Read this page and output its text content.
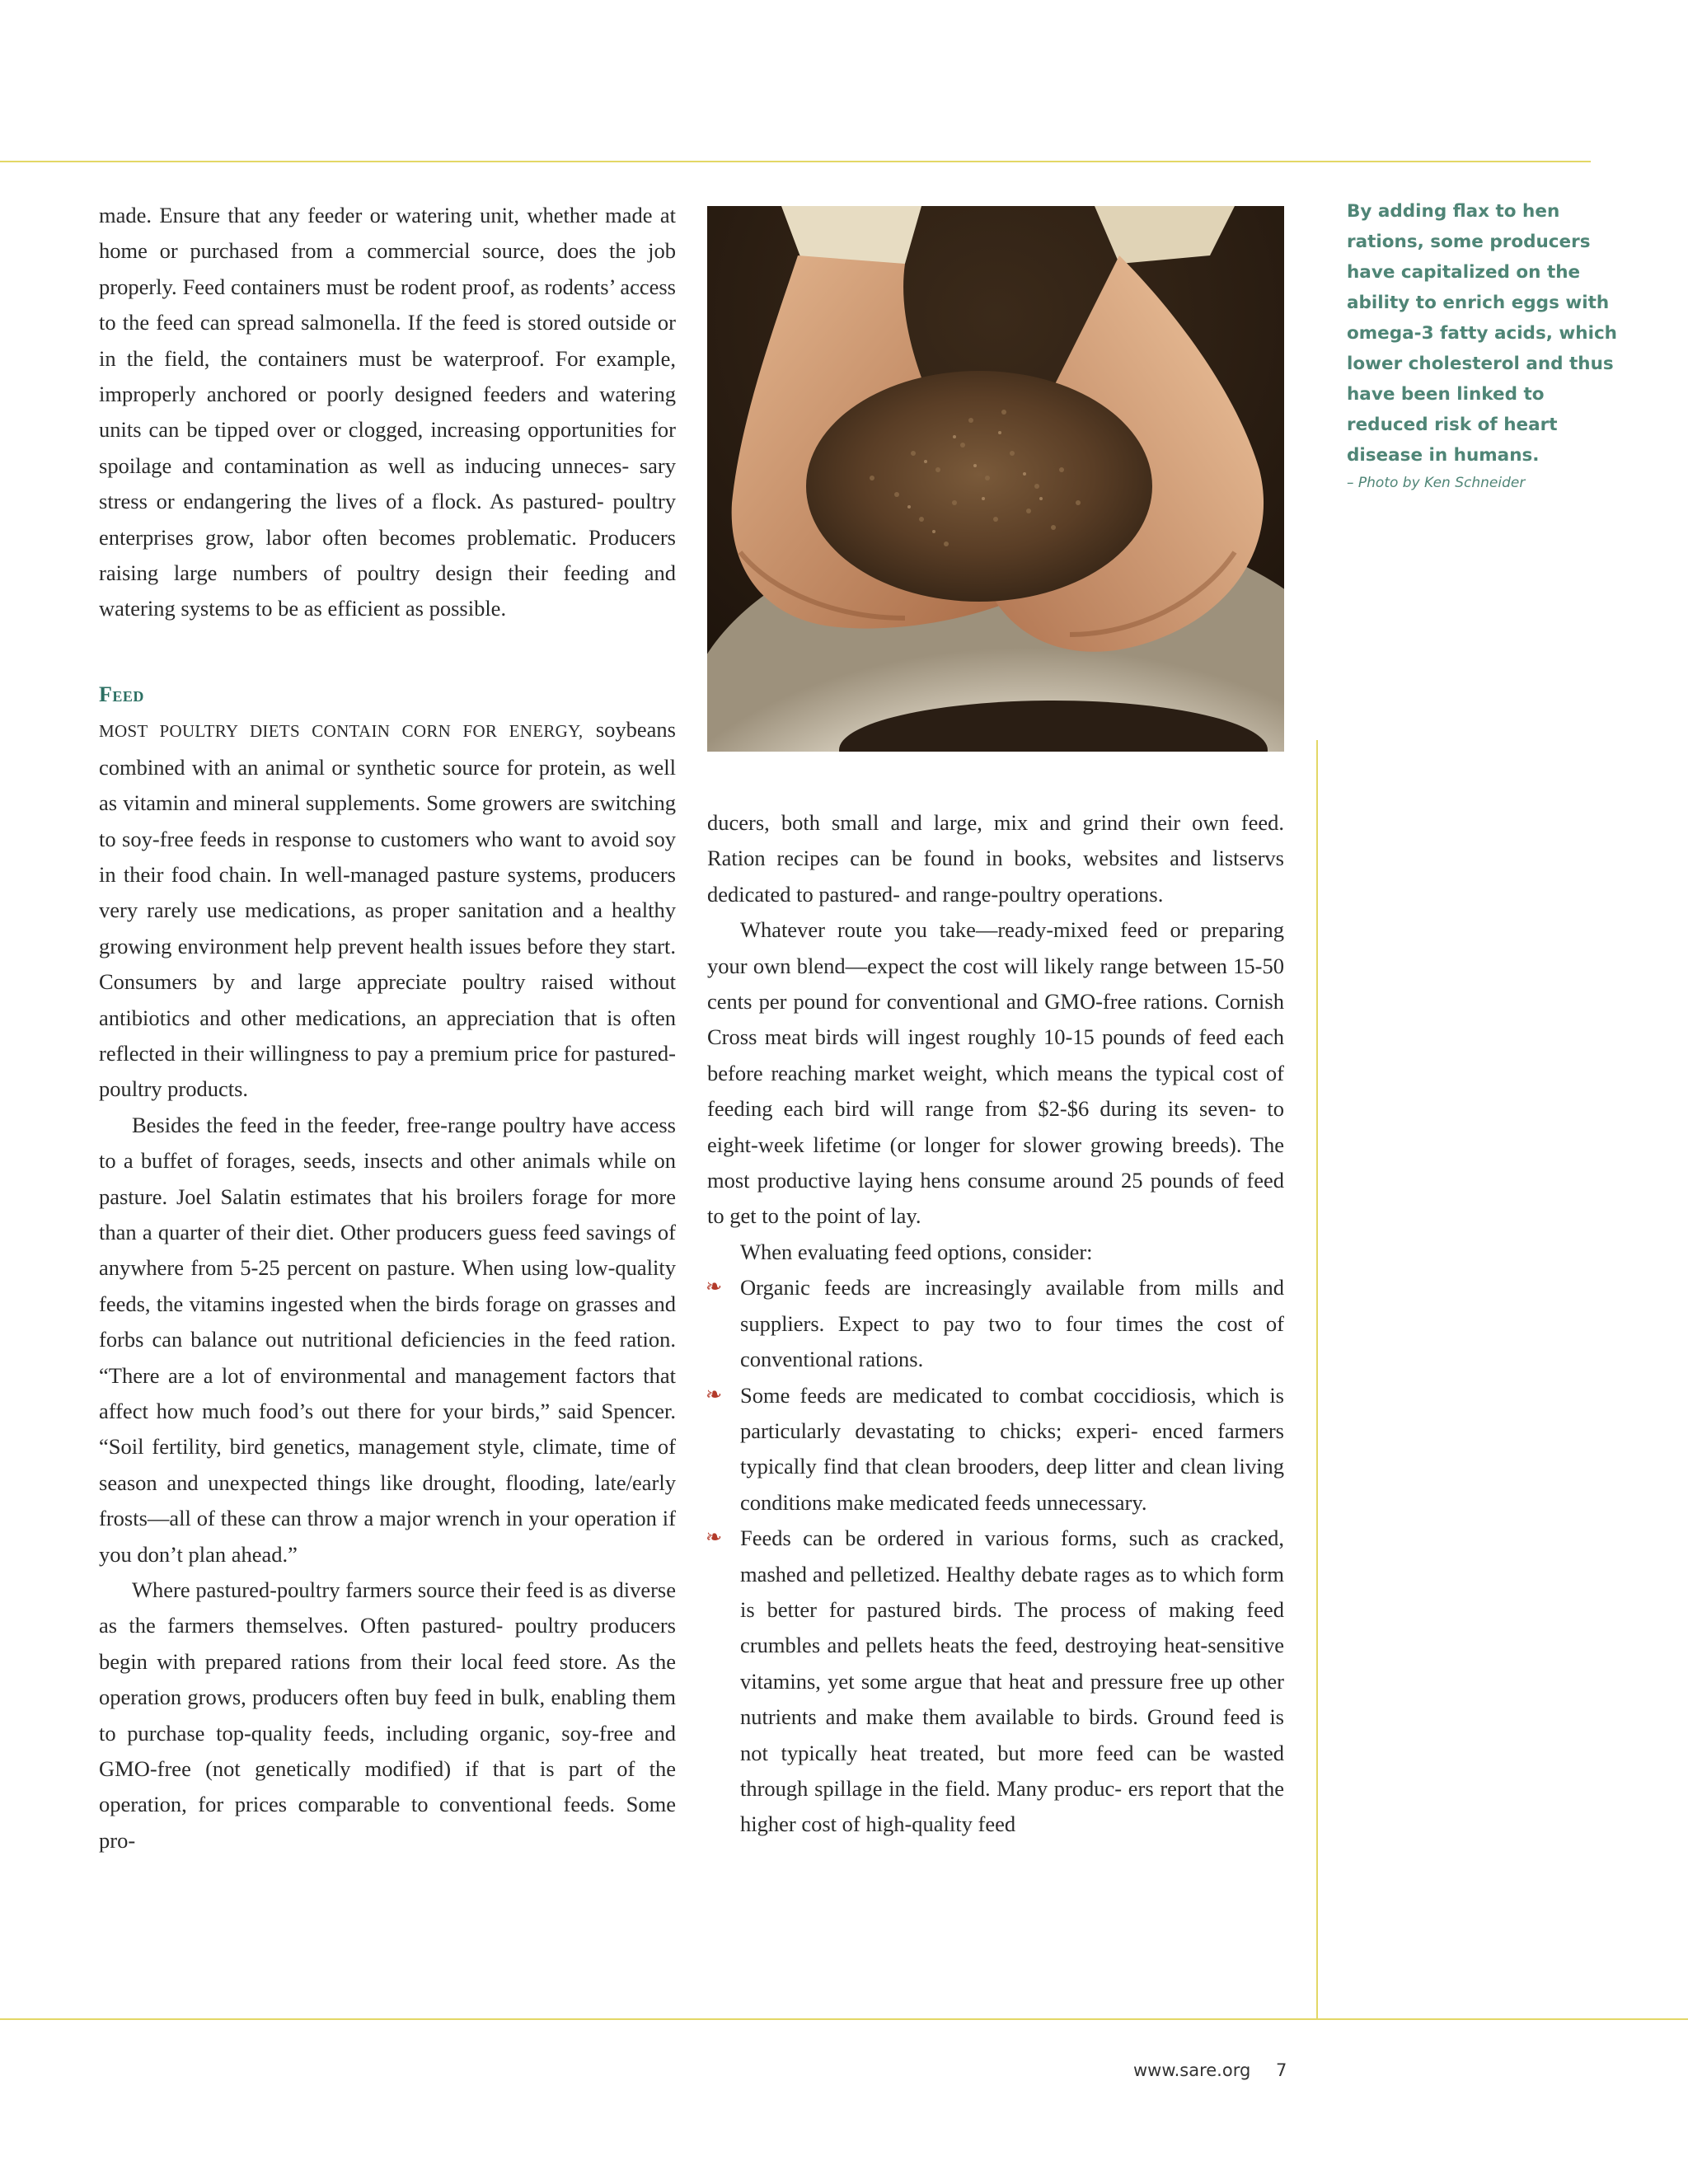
made. Ensure that any feeder or watering unit, whether made at home or purchased from a commercial source, does the job properly. Feed containers must be rodent proof, as rodents’ access to the feed can spread salmonella. If the feed is stored outside or in the field, the containers must be waterproof. For example, improperly anchored or poorly designed feeders and watering units can be tipped over or clogged, increasing opportunities for spoilage and contamination as well as inducing unneces- sary stress or endangering the lives of a flock. As pastured- poultry enterprises grow, labor often becomes problematic. Producers raising large numbers of poultry design their feeding and watering systems to be as efficient as possible.

Feed

MOST POULTRY DIETS CONTAIN CORN FOR ENERGY, soybeans combined with an animal or synthetic source for protein, as well as vitamin and mineral supplements. Some growers are switching to soy-free feeds in response to customers who want to avoid soy in their food chain. In well-managed pasture systems, producers very rarely use medications, as proper sanitation and a healthy growing environment help prevent health issues before they start. Consumers by and large appreciate poultry raised without antibiotics and other medications, an appreciation that is often reflected in their willingness to pay a premium price for pastured-poultry products.

Besides the feed in the feeder, free-range poultry have access to a buffet of forages, seeds, insects and other animals while on pasture. Joel Salatin estimates that his broilers forage for more than a quarter of their diet. Other producers guess feed savings of anywhere from 5-25 percent on pasture. When using low-quality feeds, the vitamins ingested when the birds forage on grasses and forbs can balance out nutritional deficiencies in the feed ration. “There are a lot of environmental and management factors that affect how much food’s out there for your birds,” said Spencer. “Soil fertility, bird genetics, management style, climate, time of season and unexpected things like drought, flooding, late/early frosts—all of these can throw a major wrench in your operation if you don’t plan ahead.”

Where pastured-poultry farmers source their feed is as diverse as the farmers themselves. Often pastured- poultry producers begin with prepared rations from their local feed store. As the operation grows, producers often buy feed in bulk, enabling them to purchase top-quality feeds, including organic, soy-free and GMO-free (not genetically modified) if that is part of the operation, for prices comparable to conventional feeds. Some pro-

By adding flax to hen rations, some producers have capitalized on the ability to enrich eggs with omega-3 fatty acids, which lower cholesterol and thus have been linked to reduced risk of heart disease in humans.
– Photo by Ken Schneider

ducers, both small and large, mix and grind their own feed. Ration recipes can be found in books, websites and listservs dedicated to pastured- and range-poultry operations.

Whatever route you take—ready-mixed feed or preparing your own blend—expect the cost will likely range between 15-50 cents per pound for conventional and GMO-free rations. Cornish Cross meat birds will ingest roughly 10-15 pounds of feed each before reaching market weight, which means the typical cost of feeding each bird will range from $2-$6 during its seven- to eight-week lifetime (or longer for slower growing breeds). The most productive laying hens consume around 25 pounds of feed to get to the point of lay.

When evaluating feed options, consider:

❧ Organic feeds are increasingly available from mills and suppliers. Expect to pay two to four times the cost of conventional rations.
❧ Some feeds are medicated to combat coccidiosis, which is particularly devastating to chicks; experi- enced farmers typically find that clean brooders, deep litter and clean living conditions make medicated feeds unnecessary.
❧ Feeds can be ordered in various forms, such as cracked, mashed and pelletized. Healthy debate rages as to which form is better for pastured birds. The process of making feed crumbles and pellets heats the feed, destroying heat-sensitive vitamins, yet some argue that heat and pressure free up other nutrients and make them available to birds. Ground feed is not typically heat treated, but more feed can be wasted through spillage in the field. Many produc- ers report that the higher cost of high-quality feed
www.sare.org 7
